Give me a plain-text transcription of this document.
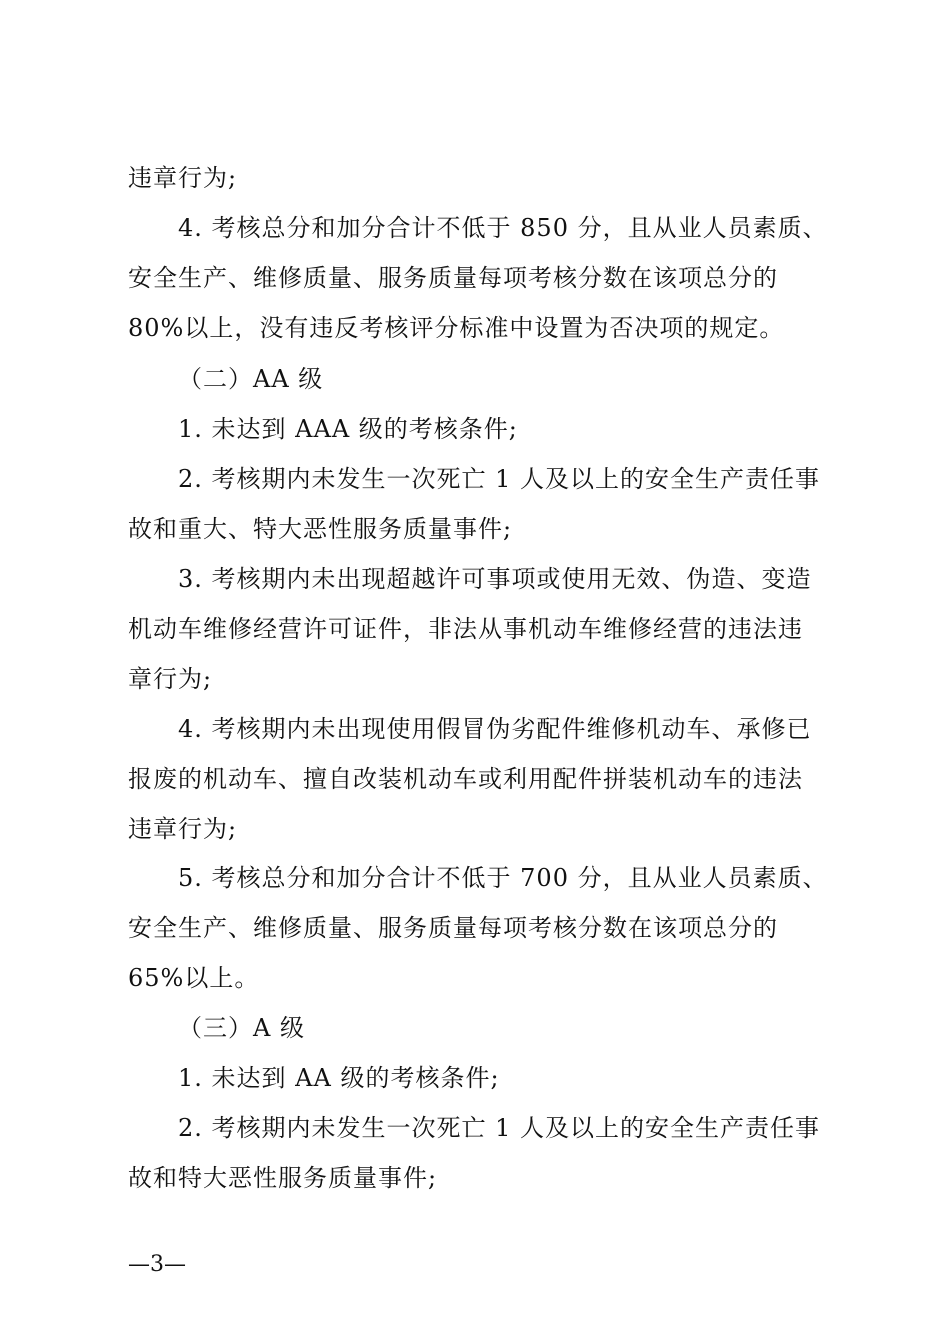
违章行为;
4. 考核总分和加分合计不低于 850 分，且从业人员素质、
安全生产、维修质量、服务质量每项考核分数在该项总分的
80%以上，没有违反考核评分标准中设置为否决项的规定。
（二）AA 级
1. 未达到 AAA 级的考核条件;
2. 考核期内未发生一次死亡 1 人及以上的安全生产责任事
故和重大、特大恶性服务质量事件;
3. 考核期内未出现超越许可事项或使用无效、伪造、变造
机动车维修经营许可证件，非法从事机动车维修经营的违法违
章行为;
4. 考核期内未出现使用假冒伪劣配件维修机动车、承修已
报废的机动车、擅自改装机动车或利用配件拼装机动车的违法
违章行为;
5. 考核总分和加分合计不低于 700 分，且从业人员素质、
安全生产、维修质量、服务质量每项考核分数在该项总分的
65%以上。
（三）A 级
1. 未达到 AA 级的考核条件;
2. 考核期内未发生一次死亡 1 人及以上的安全生产责任事
故和特大恶性服务质量事件;
—3—
